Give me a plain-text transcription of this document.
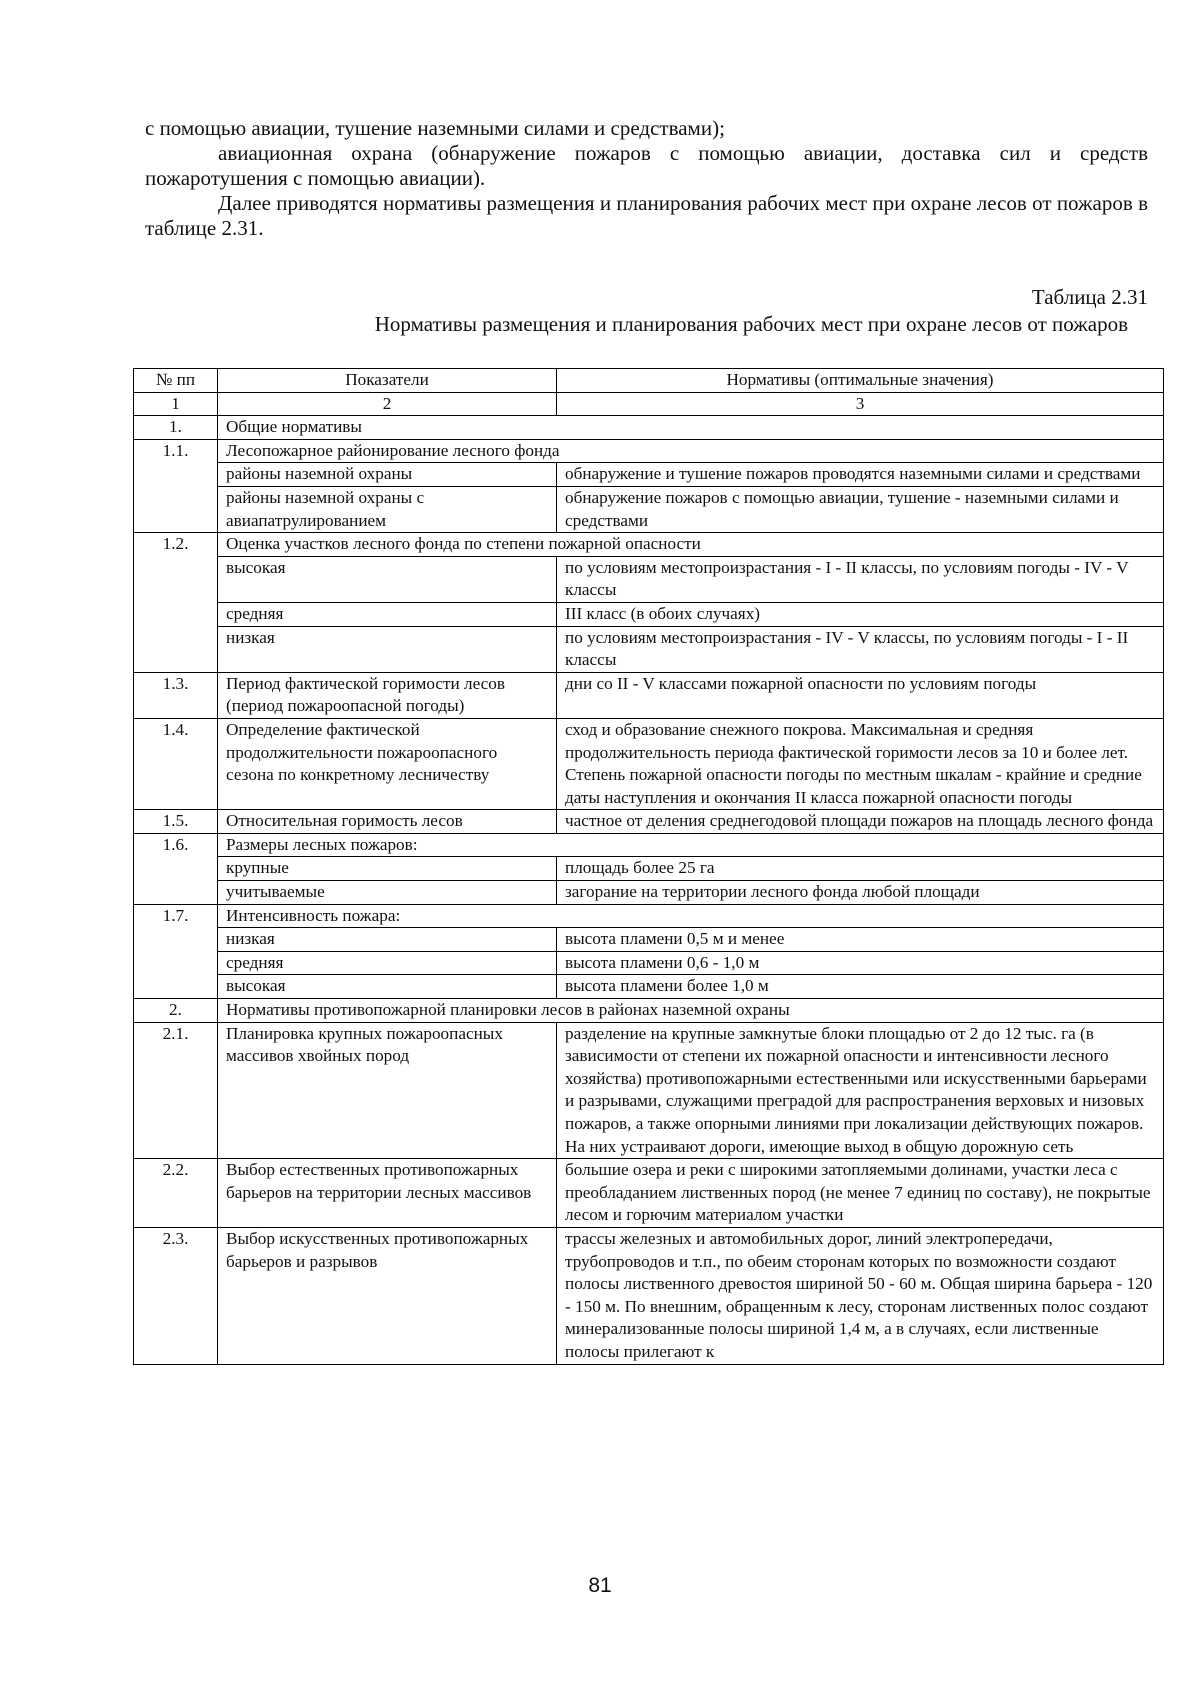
с помощью авиации, тушение наземными силами и средствами);

авиационная охрана (обнаружение пожаров с помощью авиации, доставка сил и средств пожаротушения с помощью авиации).

Далее приводятся нормативы размещения и планирования рабочих мест при охране лесов от пожаров в таблице 2.31.

Таблица 2.31
Нормативы размещения и планирования рабочих мест при охране лесов от пожаров
№ пп	Показатели	Нормативы (оптимальные значения)
1	2	3
1.	Общие нормативы	
1.1.	Лесопожарное районирование лесного фонда	
	районы наземной охраны	обнаружение и тушение пожаров проводятся наземными силами и средствами
	районы наземной охраны с авиапатрулированием	обнаружение пожаров с помощью авиации, тушение - наземными силами и средствами
1.2.	Оценка участков лесного фонда по степени пожарной опасности	
	высокая	по условиям местопроизрастания - I - II классы, по условиям погоды - IV - V классы
	средняя	III класс (в обоих случаях)
	низкая	по условиям местопроизрастания - IV - V классы, по условиям погоды - I - II классы
1.3.	Период фактической горимости лесов (период пожароопасной погоды)	дни со II - V классами пожарной опасности по условиям погоды
1.4.	Определение фактической продолжительности пожароопасного сезона по конкретному лесничеству	сход и образование снежного покрова. Максимальная и средняя продолжительность периода фактической горимости лесов за 10 и более лет. Степень пожарной опасности погоды по местным шкалам - крайние и средние даты наступления и окончания II класса пожарной опасности погоды
1.5.	Относительная горимость лесов	частное от деления среднегодовой площади пожаров на площадь лесного фонда
1.6.	Размеры лесных пожаров:	
	крупные	площадь более 25 га
	учитываемые	загорание на территории лесного фонда любой площади
1.7.	Интенсивность пожара:	
	низкая	высота пламени 0,5 м и менее
	средняя	высота пламени 0,6 - 1,0 м
	высокая	высота пламени более 1,0 м
2.	Нормативы противопожарной планировки лесов в районах наземной охраны	
2.1.	Планировка крупных пожароопасных массивов хвойных пород	разделение на крупные замкнутые блоки площадью от 2 до 12 тыс. га (в зависимости от степени их пожарной опасности и интенсивности лесного хозяйства) противопожарными естественными или искусственными барьерами и разрывами, служащими преградой для распространения верховых и низовых пожаров, а также опорными линиями при локализации действующих пожаров. На них устраивают дороги, имеющие выход в общую дорожную сеть
2.2.	Выбор естественных противопожарных барьеров на территории лесных массивов	большие озера и реки с широкими затопляемыми долинами, участки леса с преобладанием лиственных пород (не менее 7 единиц по составу), не покрытые лесом и горючим материалом участки
2.3.	Выбор искусственных противопожарных барьеров и разрывов	трассы железных и автомобильных дорог, линий электропередачи, трубопроводов и т.п., по обеим сторонам которых по возможности создают полосы лиственного древостоя шириной 50 - 60 м. Общая ширина барьера - 120 - 150 м. По внешним, обращенным к лесу, сторонам лиственных полос создают минерализованные полосы шириной 1,4 м, а в случаях, если лиственные полосы прилегают к
81
